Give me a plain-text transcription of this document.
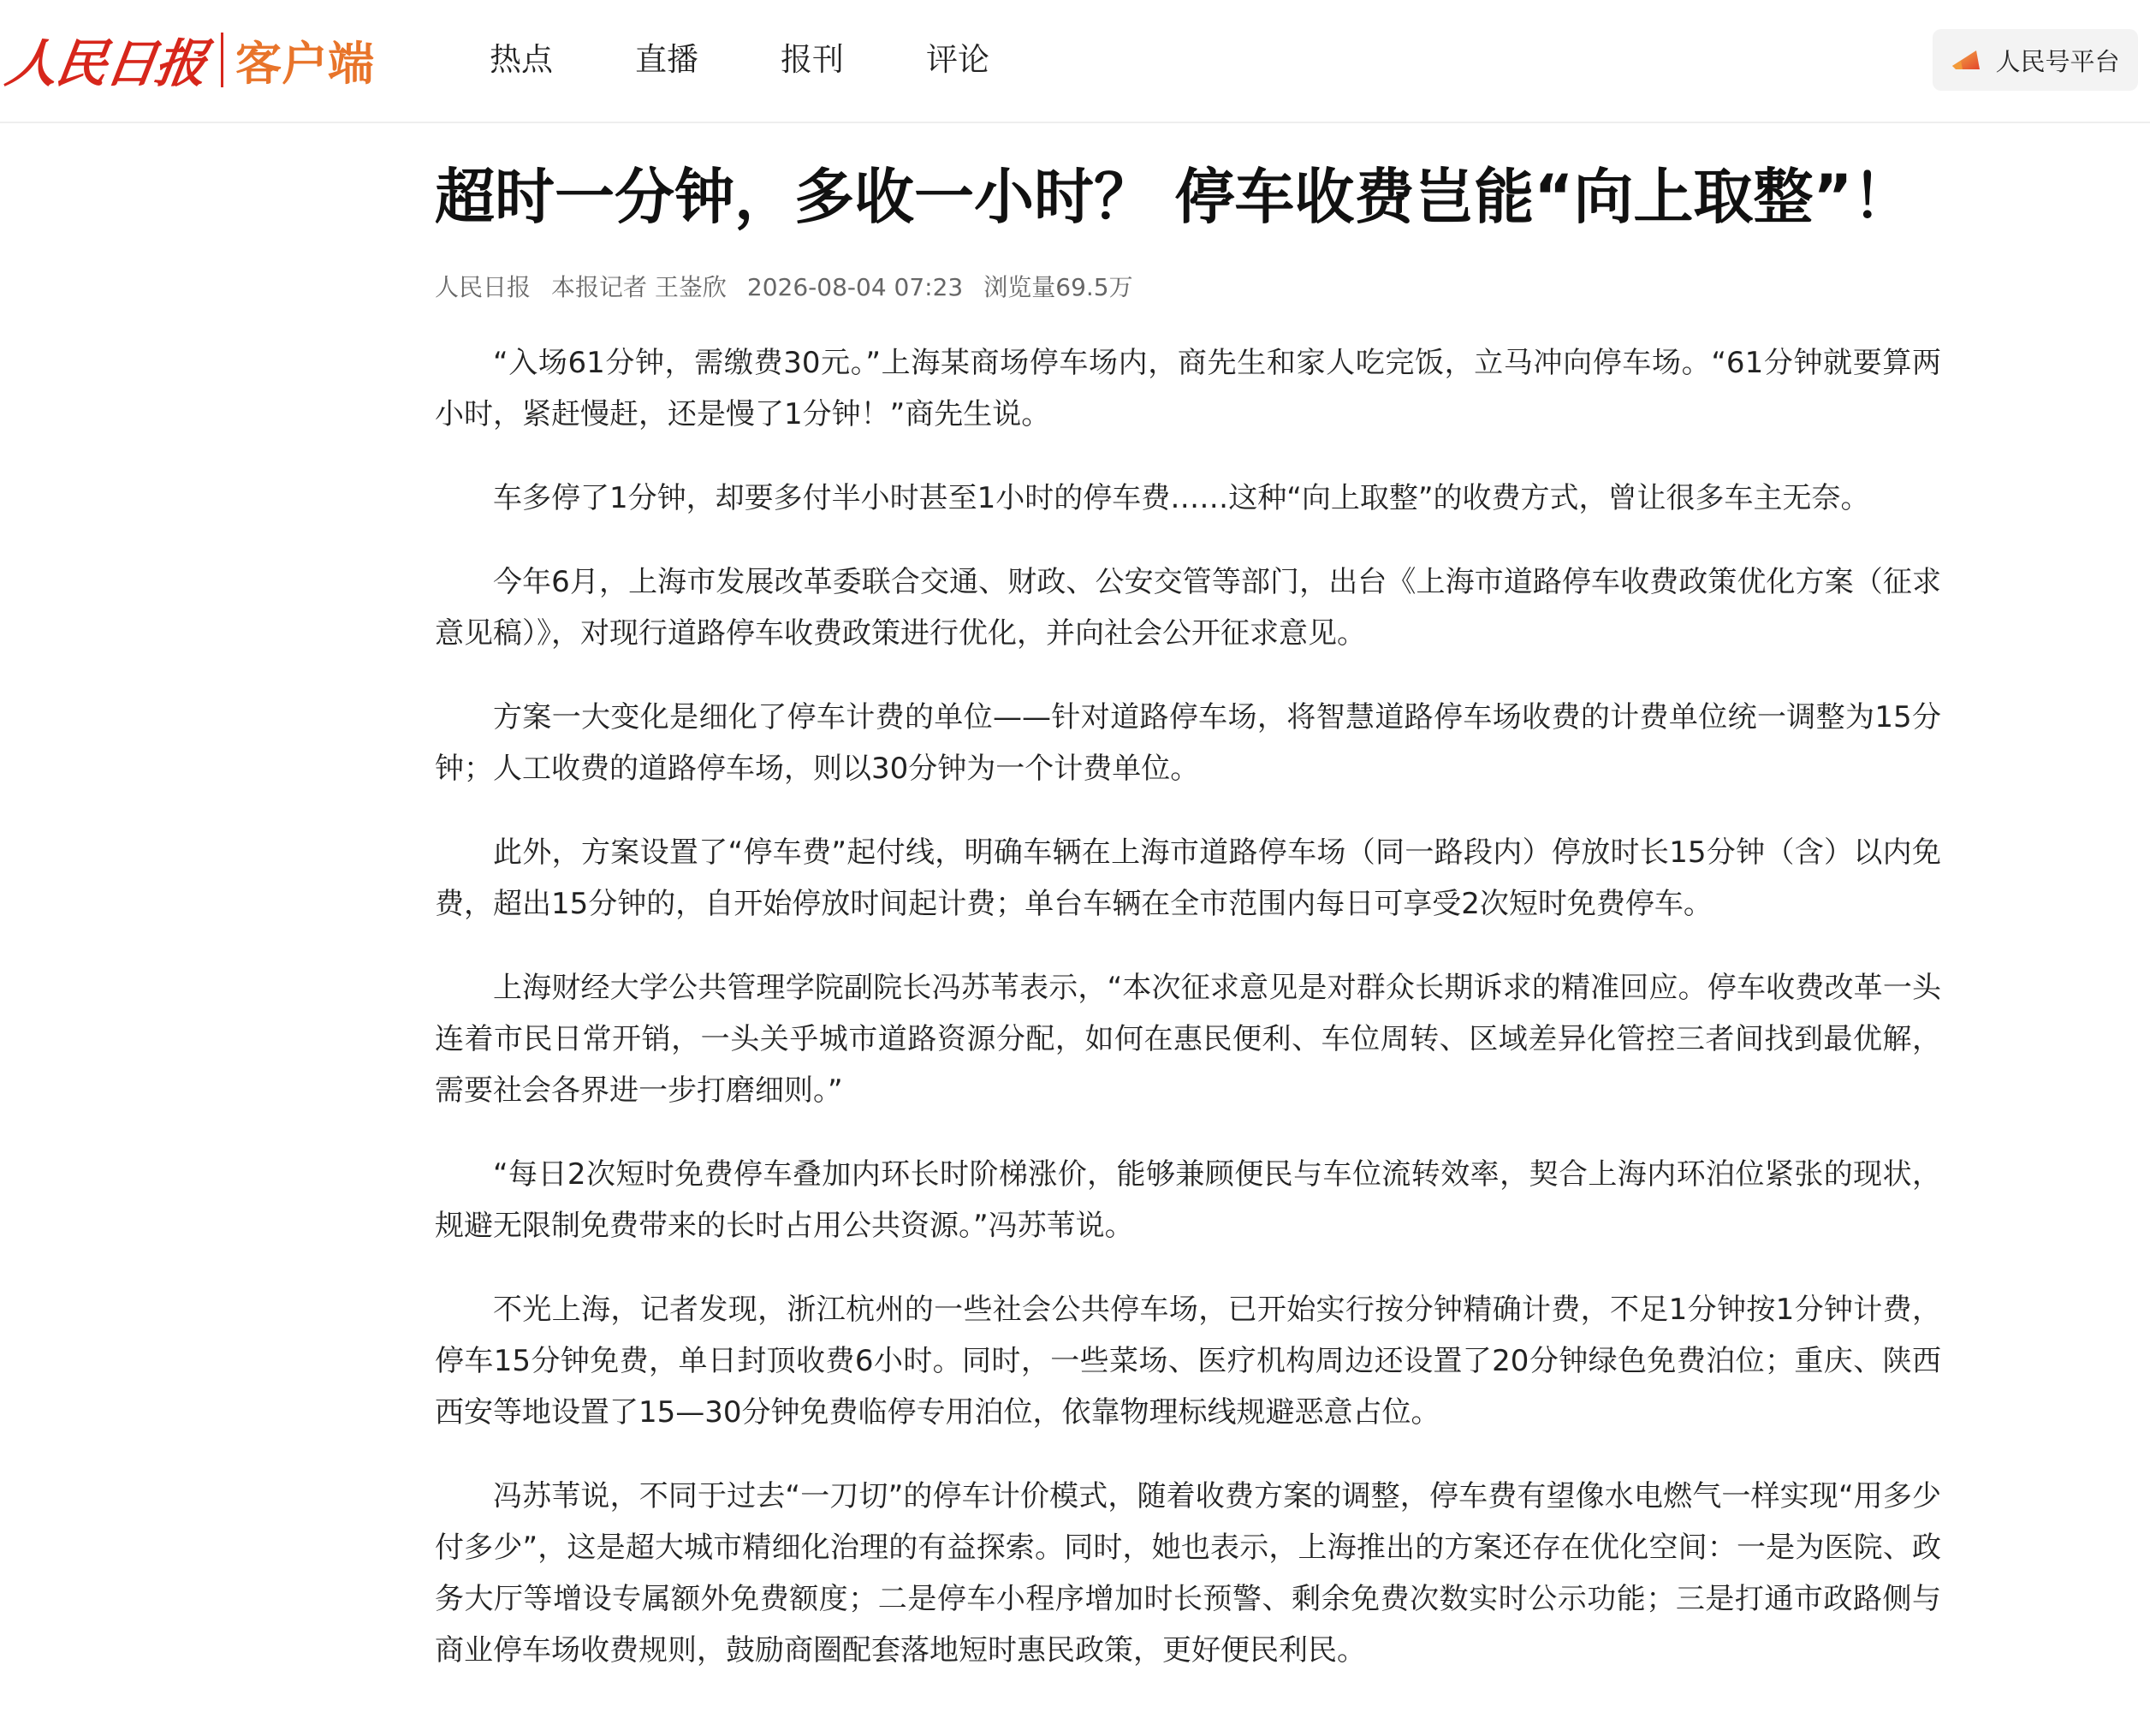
人民日报 客户端	热点	直播	报刊	评论	人民号平台
超时一分钟，多收一小时？ 停车收费岂能“向上取整”！
人民日报 本报记者 王崟欣 2026-08-04 07:23 浏览量69.5万

“入场61分钟，需缴费30元。”上海某商场停车场内，商先生和家人吃完饭，立马冲向停车场。“61分钟就要算两小时，紧赶慢赶，还是慢了1分钟！”商先生说。

车多停了1分钟，却要多付半小时甚至1小时的停车费……这种“向上取整”的收费方式，曾让很多车主无奈。

今年6月，上海市发展改革委联合交通、财政、公安交管等部门，出台《上海市道路停车收费政策优化方案（征求意见稿）》，对现行道路停车收费政策进行优化，并向社会公开征求意见。

方案一大变化是细化了停车计费的单位——针对道路停车场，将智慧道路停车场收费的计费单位统一调整为15分钟；人工收费的道路停车场，则以30分钟为一个计费单位。

此外，方案设置了“停车费”起付线，明确车辆在上海市道路停车场（同一路段内）停放时长15分钟（含）以内免费，超出15分钟的，自开始停放时间起计费；单台车辆在全市范围内每日可享受2次短时免费停车。

上海财经大学公共管理学院副院长冯苏苇表示，“本次征求意见是对群众长期诉求的精准回应。停车收费改革一头连着市民日常开销，一头关乎城市道路资源分配，如何在惠民便利、车位周转、区域差异化管控三者间找到最优解，需要社会各界进一步打磨细则。”

“每日2次短时免费停车叠加内环长时阶梯涨价，能够兼顾便民与车位流转效率，契合上海内环泊位紧张的现状，规避无限制免费带来的长时占用公共资源。”冯苏苇说。

不光上海，记者发现，浙江杭州的一些社会公共停车场，已开始实行按分钟精确计费，不足1分钟按1分钟计费，停车15分钟免费，单日封顶收费6小时。同时，一些菜场、医疗机构周边还设置了20分钟绿色免费泊位；重庆、陕西西安等地设置了15—30分钟免费临停专用泊位，依靠物理标线规避恶意占位。

冯苏苇说，不同于过去“一刀切”的停车计价模式，随着收费方案的调整，停车费有望像水电燃气一样实现“用多少付多少”，这是超大城市精细化治理的有益探索。同时，她也表示，上海推出的方案还存在优化空间：一是为医院、政务大厅等增设专属额外免费额度；二是停车小程序增加时长预警、剩余免费次数实时公示功能；三是打通市政路侧与商业停车场收费规则，鼓励商圈配套落地短时惠民政策，更好便民利民。
